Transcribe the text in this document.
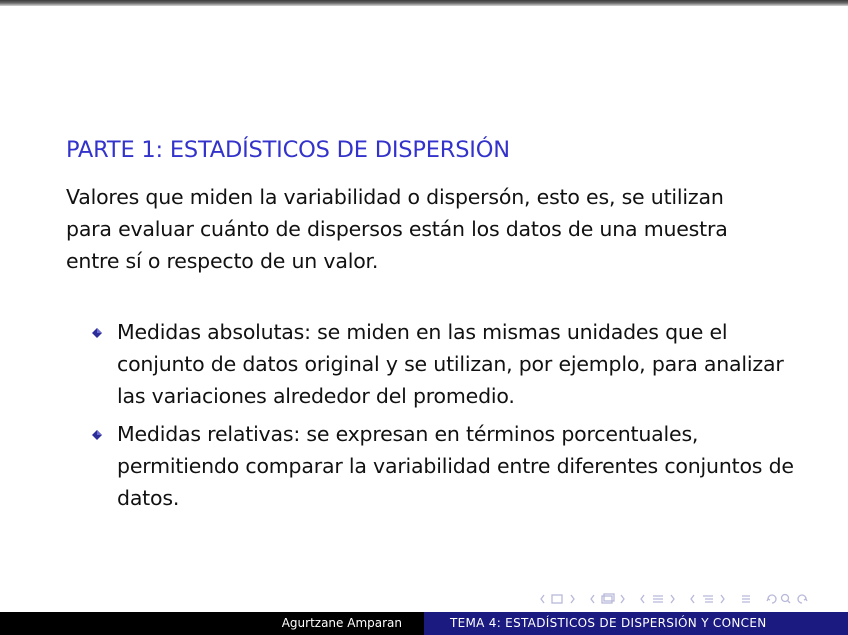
PARTE 1: ESTADÍSTICOS DE DISPERSIÓN
Valores que miden la variabilidad o dispersón, esto es, se utilizan para evaluar cuánto de dispersos están los datos de una muestra entre sí o respecto de un valor.
Medidas absolutas: se miden en las mismas unidades que el conjunto de datos original y se utilizan, por ejemplo, para analizar las variaciones alrededor del promedio.
Medidas relativas: se expresan en términos porcentuales, permitiendo comparar la variabilidad entre diferentes conjuntos de datos.
Agurtzane Amparan	TEMA 4: ESTADÍSTICOS DE DISPERSIÓN Y CONCEN
